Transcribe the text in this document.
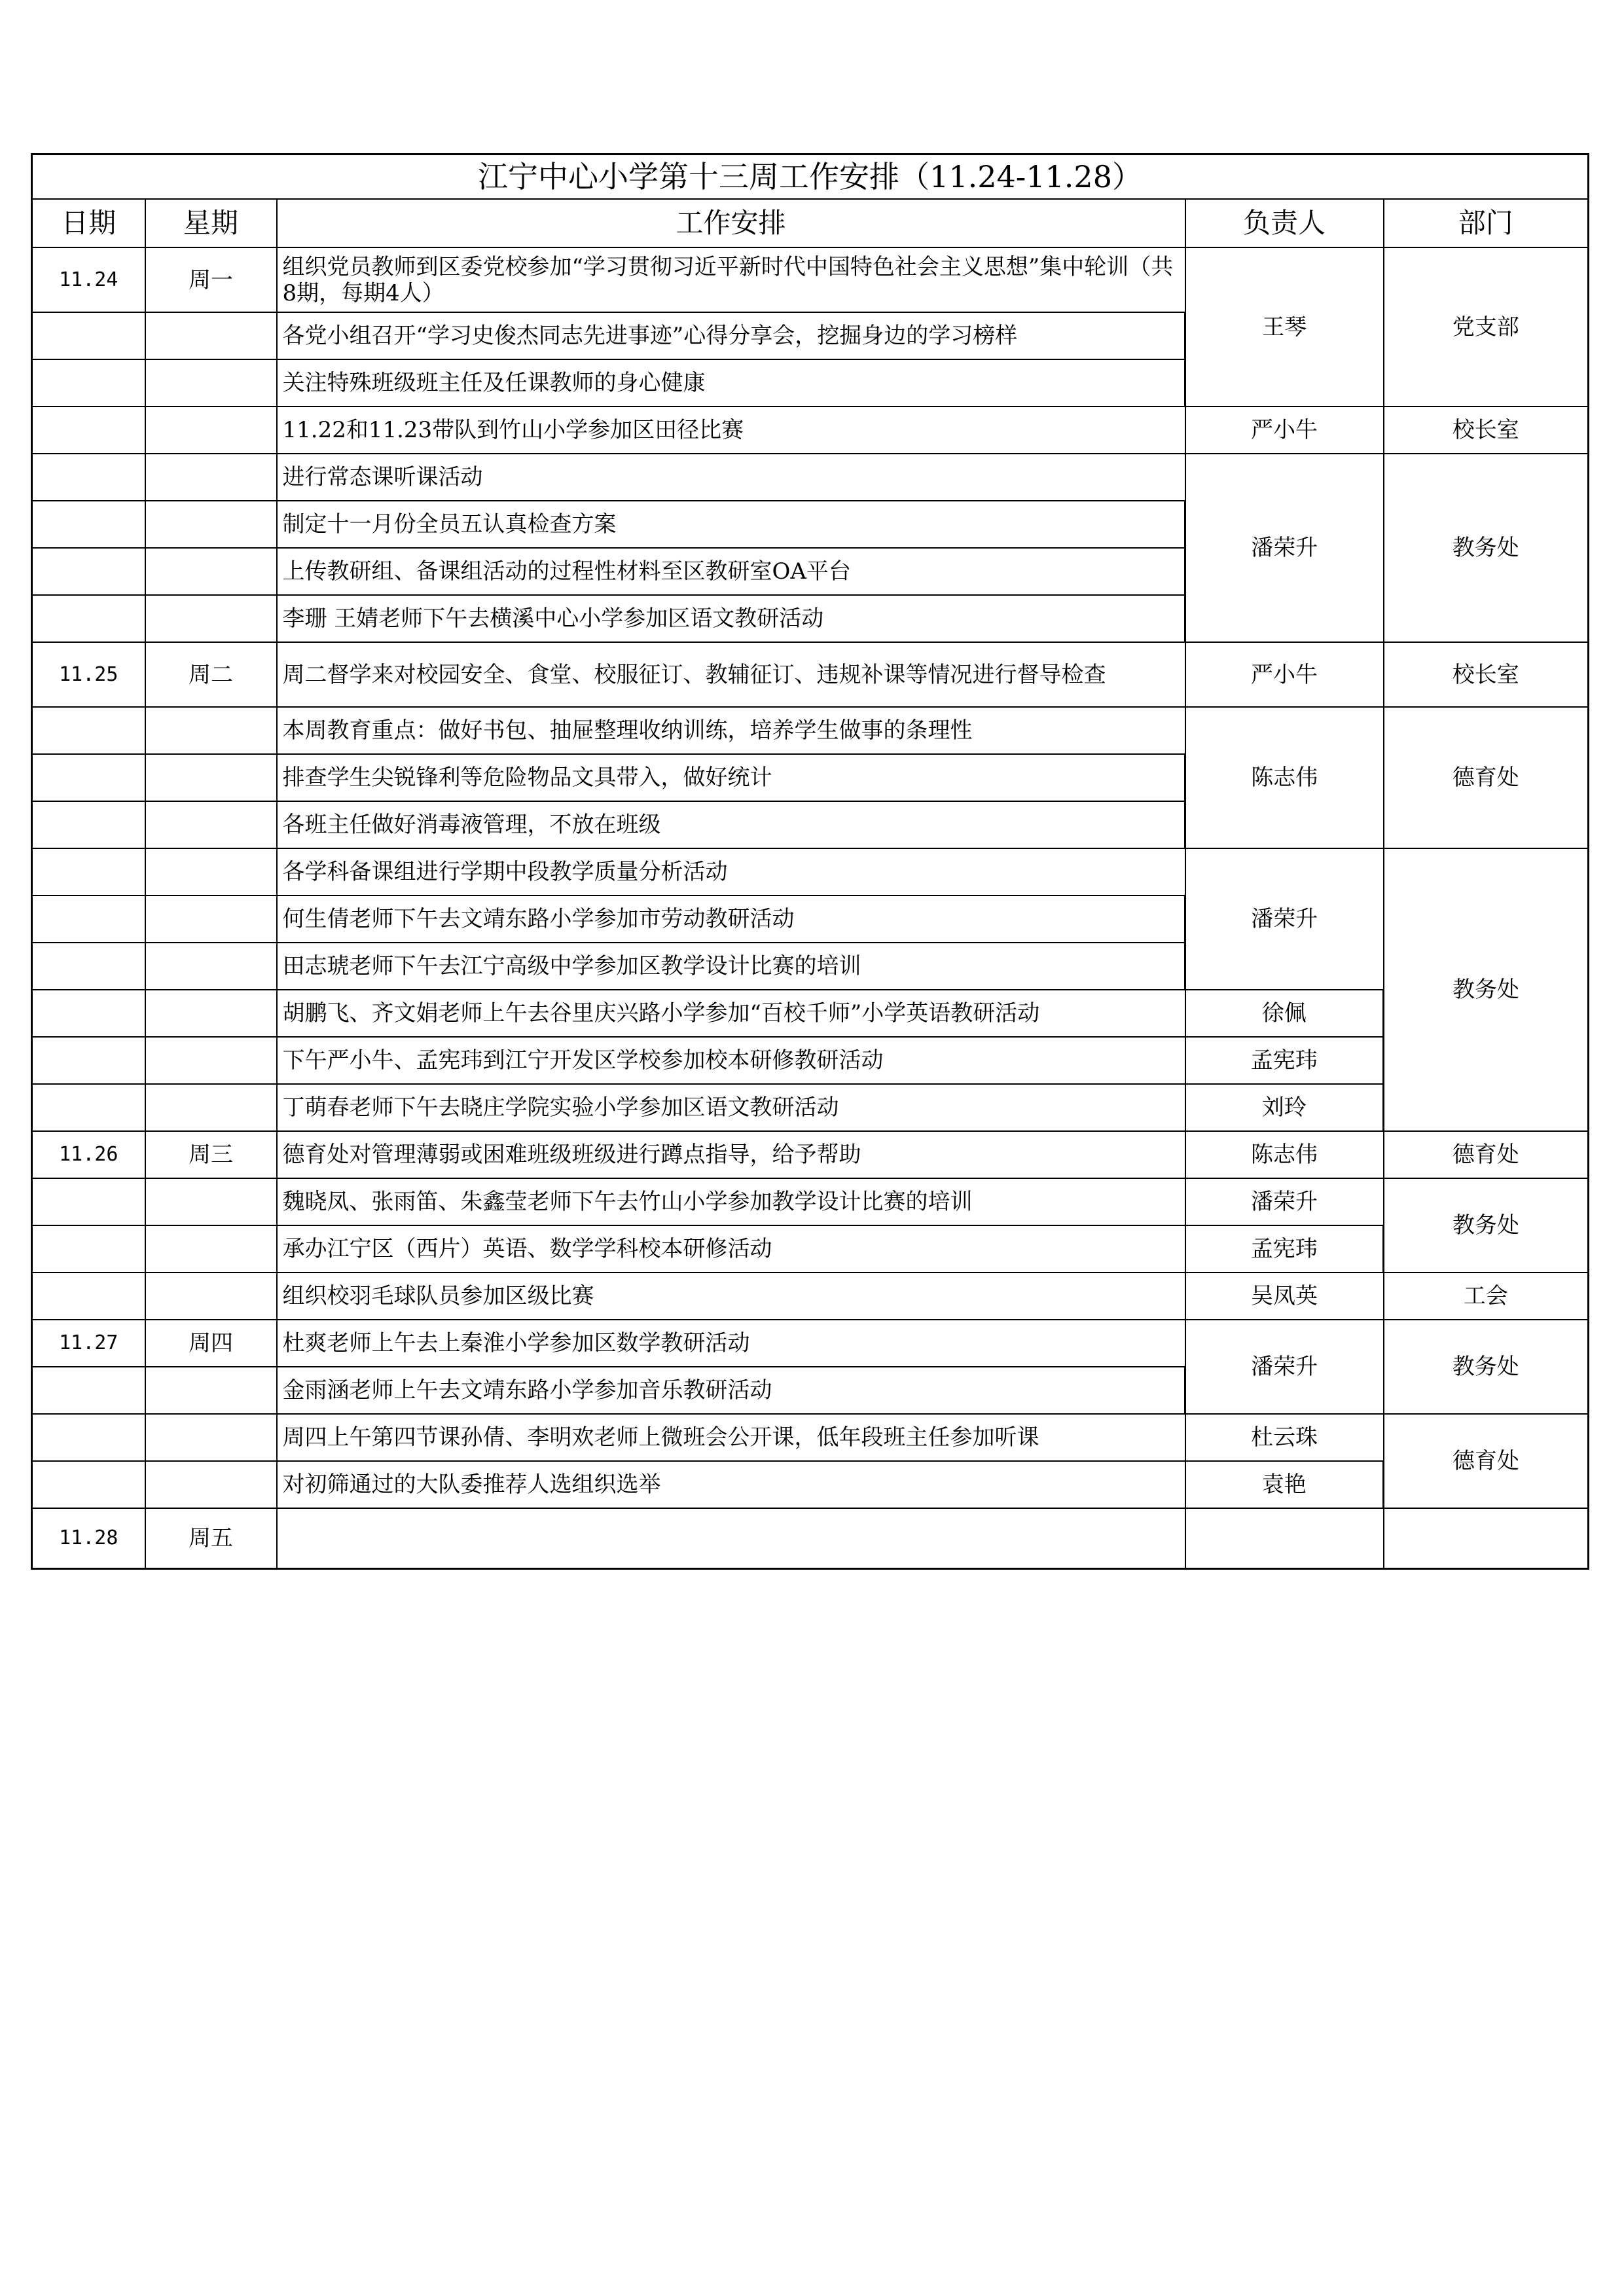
江宁中心小学第十三周工作安排（11.24-11.28）				
日期	星期	工作安排	负责人	部门
11.24	周一	组织党员教师到区委党校参加“学习贯彻习近平新时代中国特色社会主义思想”集中轮训（共8期，每期4人）	王琴	党支部
		各党小组召开“学习史俊杰同志先进事迹”心得分享会，挖掘身边的学习榜样		
		关注特殊班级班主任及任课教师的身心健康		
		11.22和11.23带队到竹山小学参加区田径比赛	严小牛	校长室
		进行常态课听课活动	潘荣升	教务处
		制定十一月份全员五认真检查方案		
		上传教研组、备课组活动的过程性材料至区教研室OA平台		
		李珊 王婧老师下午去横溪中心小学参加区语文教研活动		
11.25	周二	周二督学来对校园安全、食堂、校服征订、教辅征订、违规补课等情况进行督导检查	严小牛	校长室
		本周教育重点：做好书包、抽屉整理收纳训练，培养学生做事的条理性	陈志伟	德育处
		排查学生尖锐锋利等危险物品文具带入，做好统计		
		各班主任做好消毒液管理，不放在班级		
		各学科备课组进行学期中段教学质量分析活动	潘荣升	教务处
		何生倩老师下午去文靖东路小学参加市劳动教研活动		
		田志琥老师下午去江宁高级中学参加区教学设计比赛的培训		
		胡鹏飞、齐文娟老师上午去谷里庆兴路小学参加“百校千师”小学英语教研活动	徐佩	
		下午严小牛、孟宪玮到江宁开发区学校参加校本研修教研活动	孟宪玮	
		丁萌春老师下午去晓庄学院实验小学参加区语文教研活动	刘玲	
11.26	周三	德育处对管理薄弱或困难班级班级进行蹲点指导，给予帮助	陈志伟	德育处
		魏晓凤、张雨笛、朱鑫莹老师下午去竹山小学参加教学设计比赛的培训	潘荣升	教务处
		承办江宁区（西片）英语、数学学科校本研修活动	孟宪玮	
		组织校羽毛球队员参加区级比赛	吴凤英	工会
11.27	周四	杜爽老师上午去上秦淮小学参加区数学教研活动	潘荣升	教务处
		金雨涵老师上午去文靖东路小学参加音乐教研活动		
		周四上午第四节课孙倩、李明欢老师上微班会公开课，低年段班主任参加听课	杜云珠	德育处
		对初筛通过的大队委推荐人选组织选举	袁艳	
11.28	周五			
